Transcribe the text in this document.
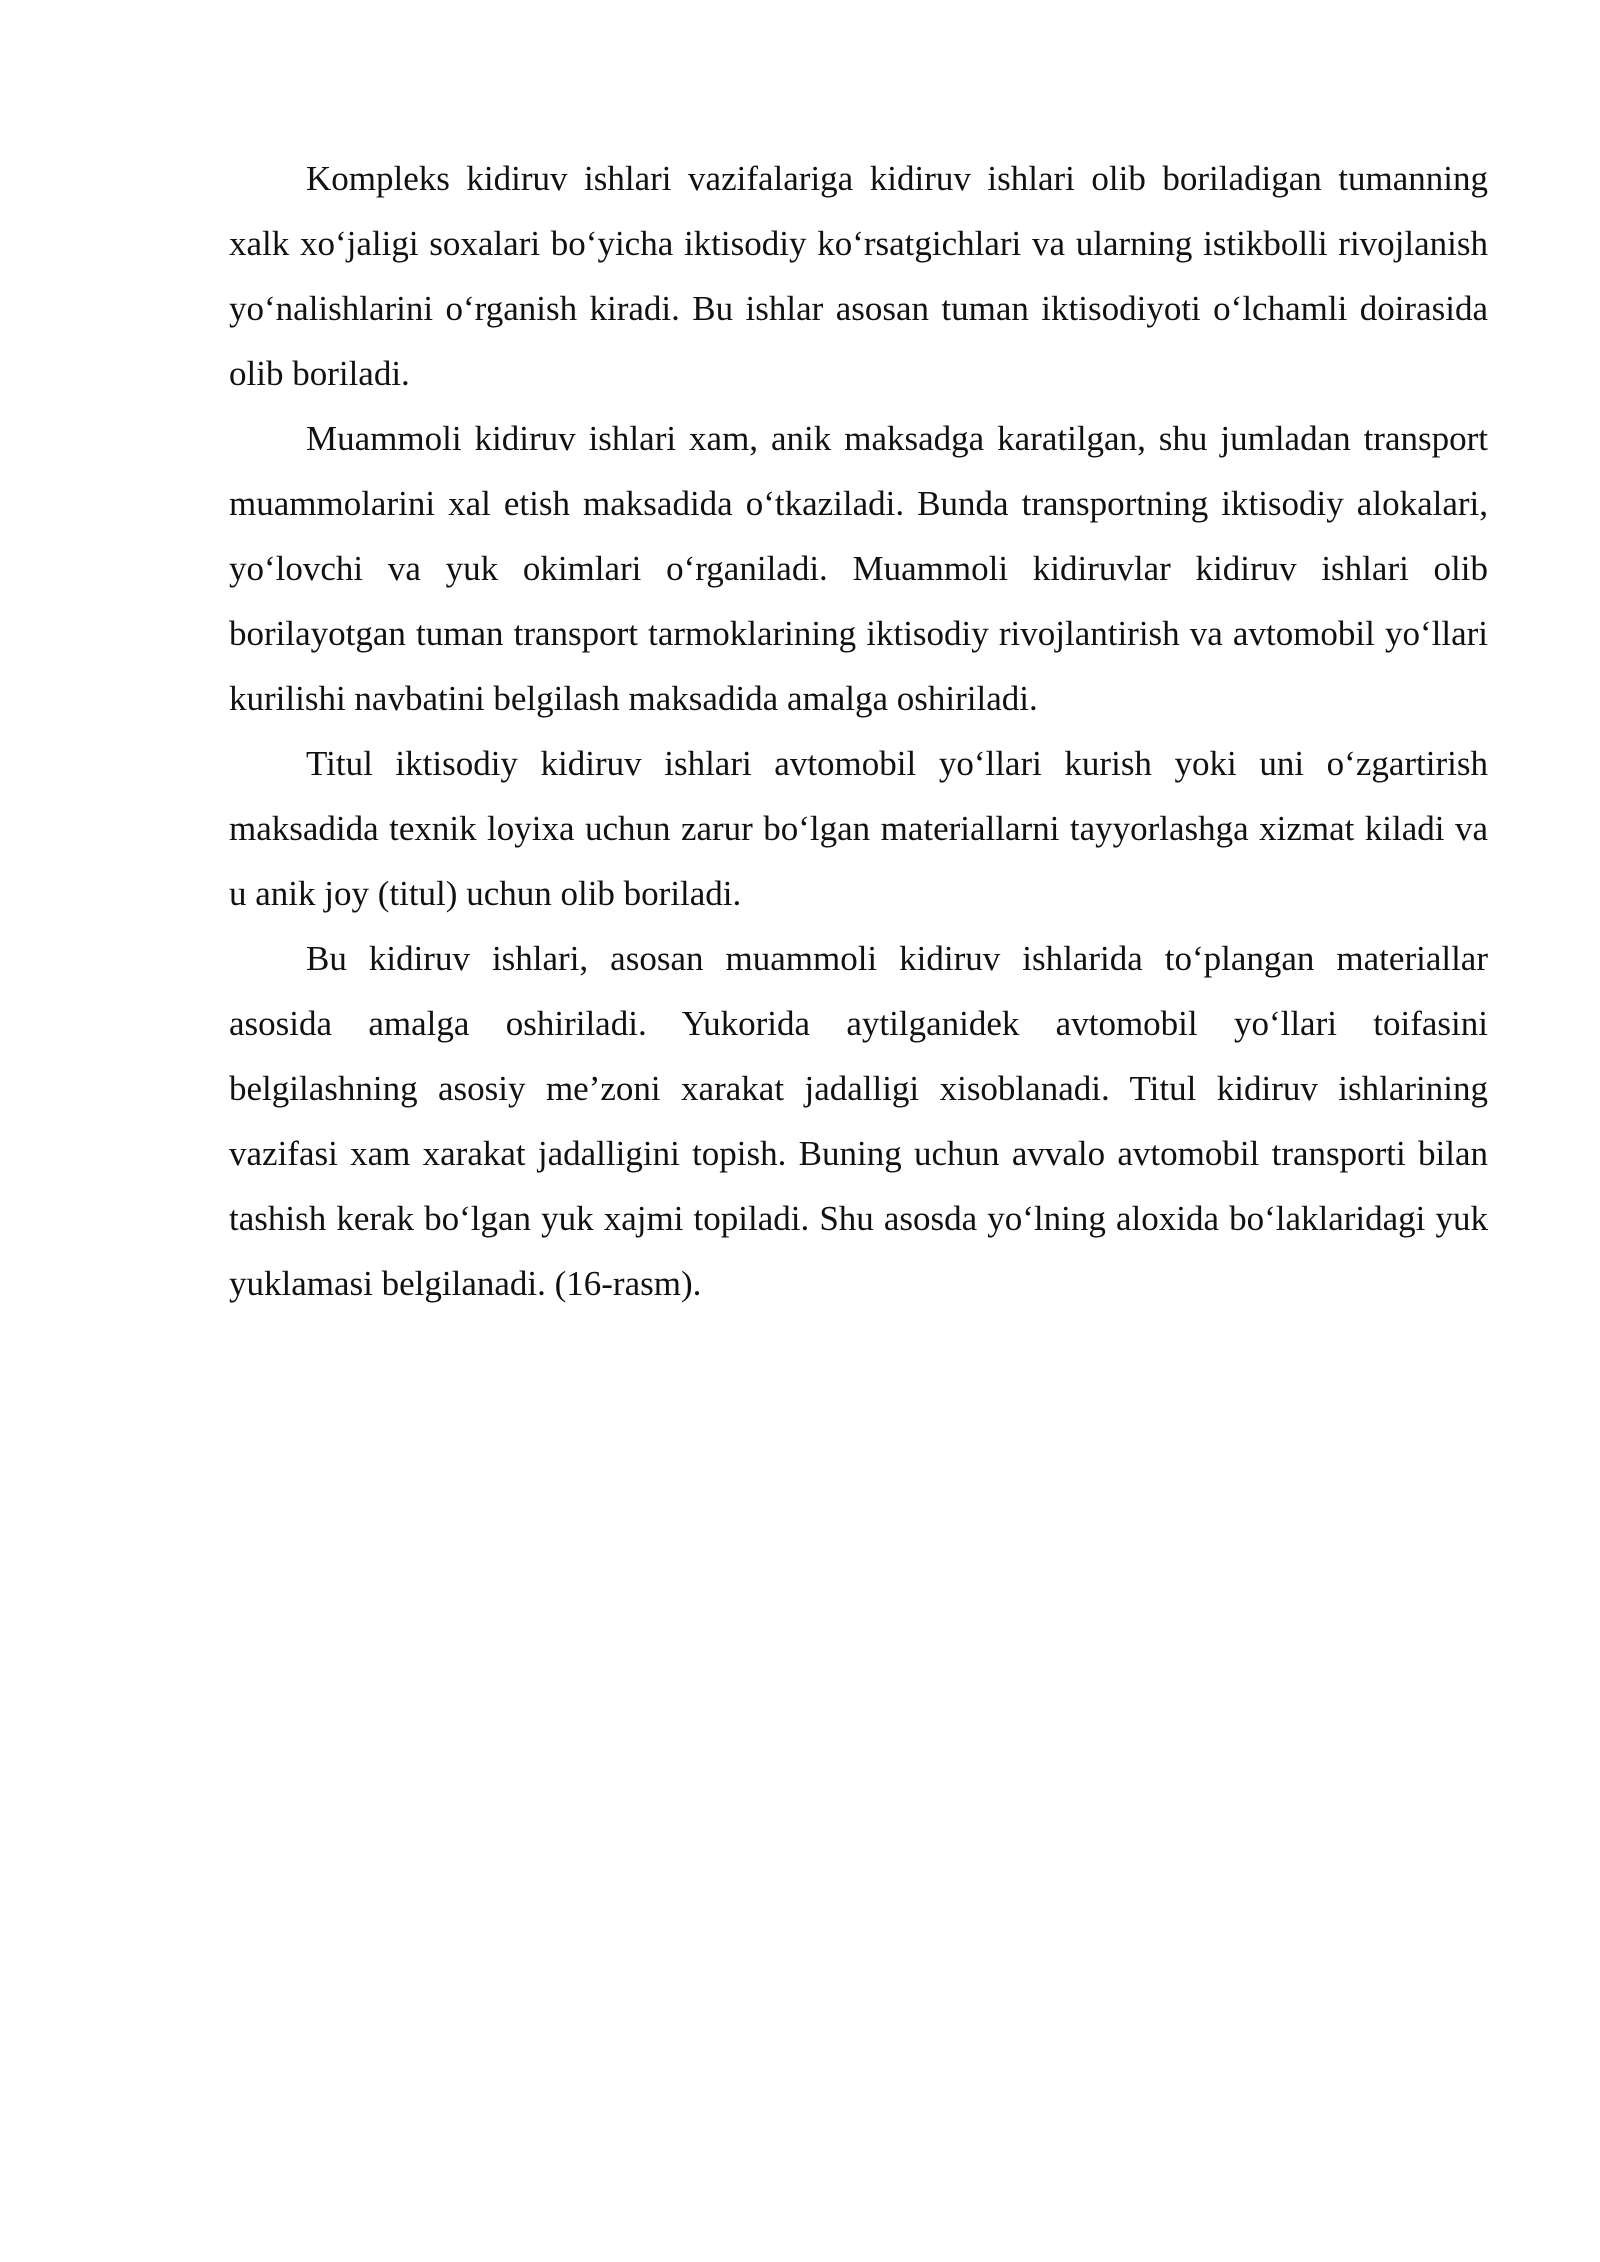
Kompleks kidiruv ishlari vazifalariga kidiruv ishlari olib boriladigan tumanning xalk xo‘jaligi soxalari bo‘yicha iktisodiy ko‘rsatgichlari va ularning istikbolli rivojlanish yo‘nalishlarini o‘rganish kiradi. Bu ishlar asosan tuman iktisodiyoti o‘lchamli doirasida olib boriladi.

Muammoli kidiruv ishlari xam, anik maksadga karatilgan, shu jumladan transport muammolarini xal etish maksadida o‘tkaziladi. Bunda transportning iktisodiy alokalari, yo‘lovchi va yuk okimlari o‘rganiladi. Muammoli kidiruvlar kidiruv ishlari olib borilayotgan tuman transport tarmoklarining iktisodiy rivojlantirish va avtomobil yo‘llari kurilishi navbatini belgilash maksadida amalga oshiriladi.

Titul iktisodiy kidiruv ishlari avtomobil yo‘llari kurish yoki uni o‘zgartirish maksadida texnik loyixa uchun zarur bo‘lgan materiallarni tayyorlashga xizmat kiladi va u anik joy (titul) uchun olib boriladi.

Bu kidiruv ishlari, asosan muammoli kidiruv ishlarida to‘plangan materiallar asosida amalga oshiriladi. Yukorida aytilganidek avtomobil yo‘llari toifasini belgilashning asosiy me’zoni xarakat jadalligi xisoblanadi. Titul kidiruv ishlarining vazifasi xam xarakat jadalligini topish. Buning uchun avvalo avtomobil transporti bilan tashish kerak bo‘lgan yuk xajmi topiladi. Shu asosda yo‘lning aloxida bo‘laklaridagi yuk yuklamasi belgilanadi. (16-rasm).
